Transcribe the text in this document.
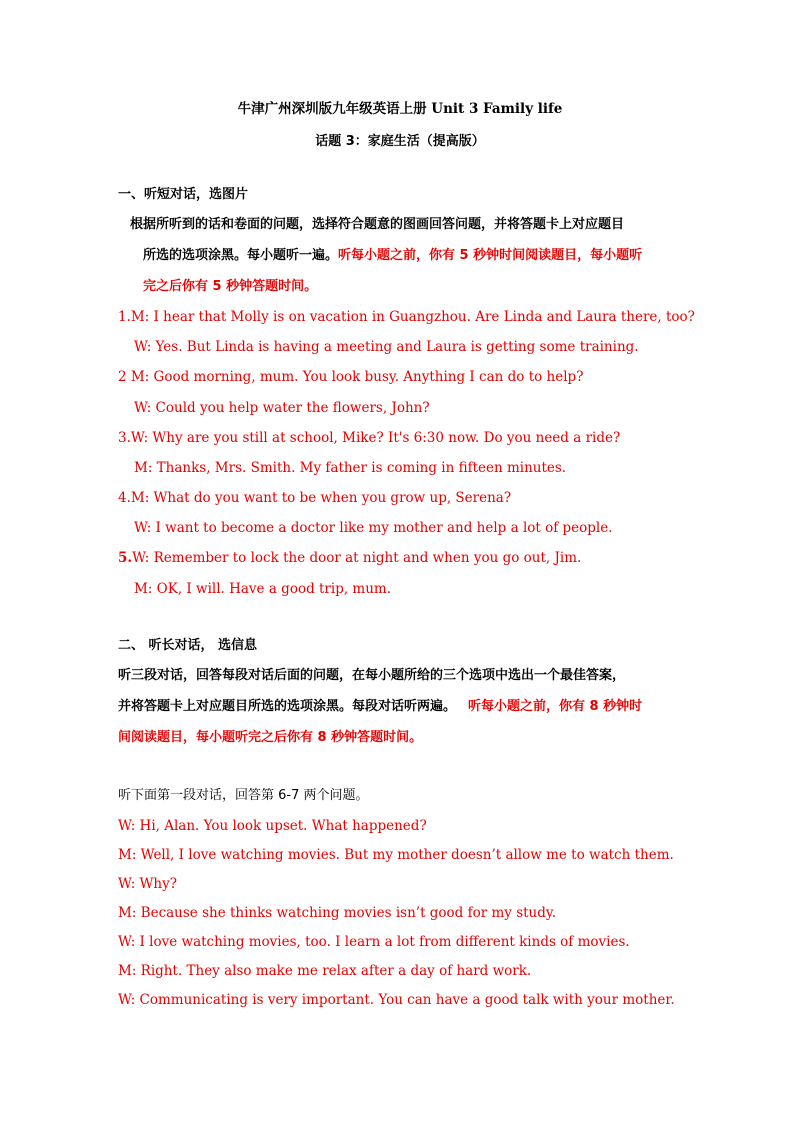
牛津广州深圳版九年级英语上册 Unit 3 Family life
话题 3：家庭生活（提高版）
一、听短对话，选图片
根据所听到的话和卷面的问题，选择符合题意的图画回答问题，并将答题卡上对应题目
所选的选项涂黑。每小题听一遍。听每小题之前，你有 5 秒钟时间阅读题目，每小题听
完之后你有 5 秒钟答题时间。
1.M: I hear that Molly is on vacation in Guangzhou. Are Linda and Laura there, too?
W: Yes. But Linda is having a meeting and Laura is getting some training.
2 M: Good morning, mum. You look busy. Anything I can do to help?
W: Could you help water the flowers, John?
3.W: Why are you still at school, Mike? It's 6:30 now. Do you need a ride?
M: Thanks, Mrs. Smith. My father is coming in fifteen minutes.
4.M: What do you want to be when you grow up, Serena?
W: I want to become a doctor like my mother and help a lot of people.
5.W: Remember to lock the door at night and when you go out, Jim.
M: OK, I will. Have a good trip, mum.
二、 听长对话， 选信息
听三段对话，回答每段对话后面的问题，在每小题所给的三个选项中选出一个最佳答案，
并将答题卡上对应题目所选的选项涂黑。每段对话听两遍。 听每小题之前，你有 8 秒钟时
间阅读题目，每小题听完之后你有 8 秒钟答题时间。
听下面第一段对话，回答第 6-7 两个问题。
W: Hi, Alan. You look upset. What happened?
M: Well, I love watching movies. But my mother doesn’t allow me to watch them.
W: Why?
M: Because she thinks watching movies isn’t good for my study.
W: I love watching movies, too. I learn a lot from different kinds of movies.
M: Right. They also make me relax after a day of hard work.
W: Communicating is very important. You can have a good talk with your mother.
